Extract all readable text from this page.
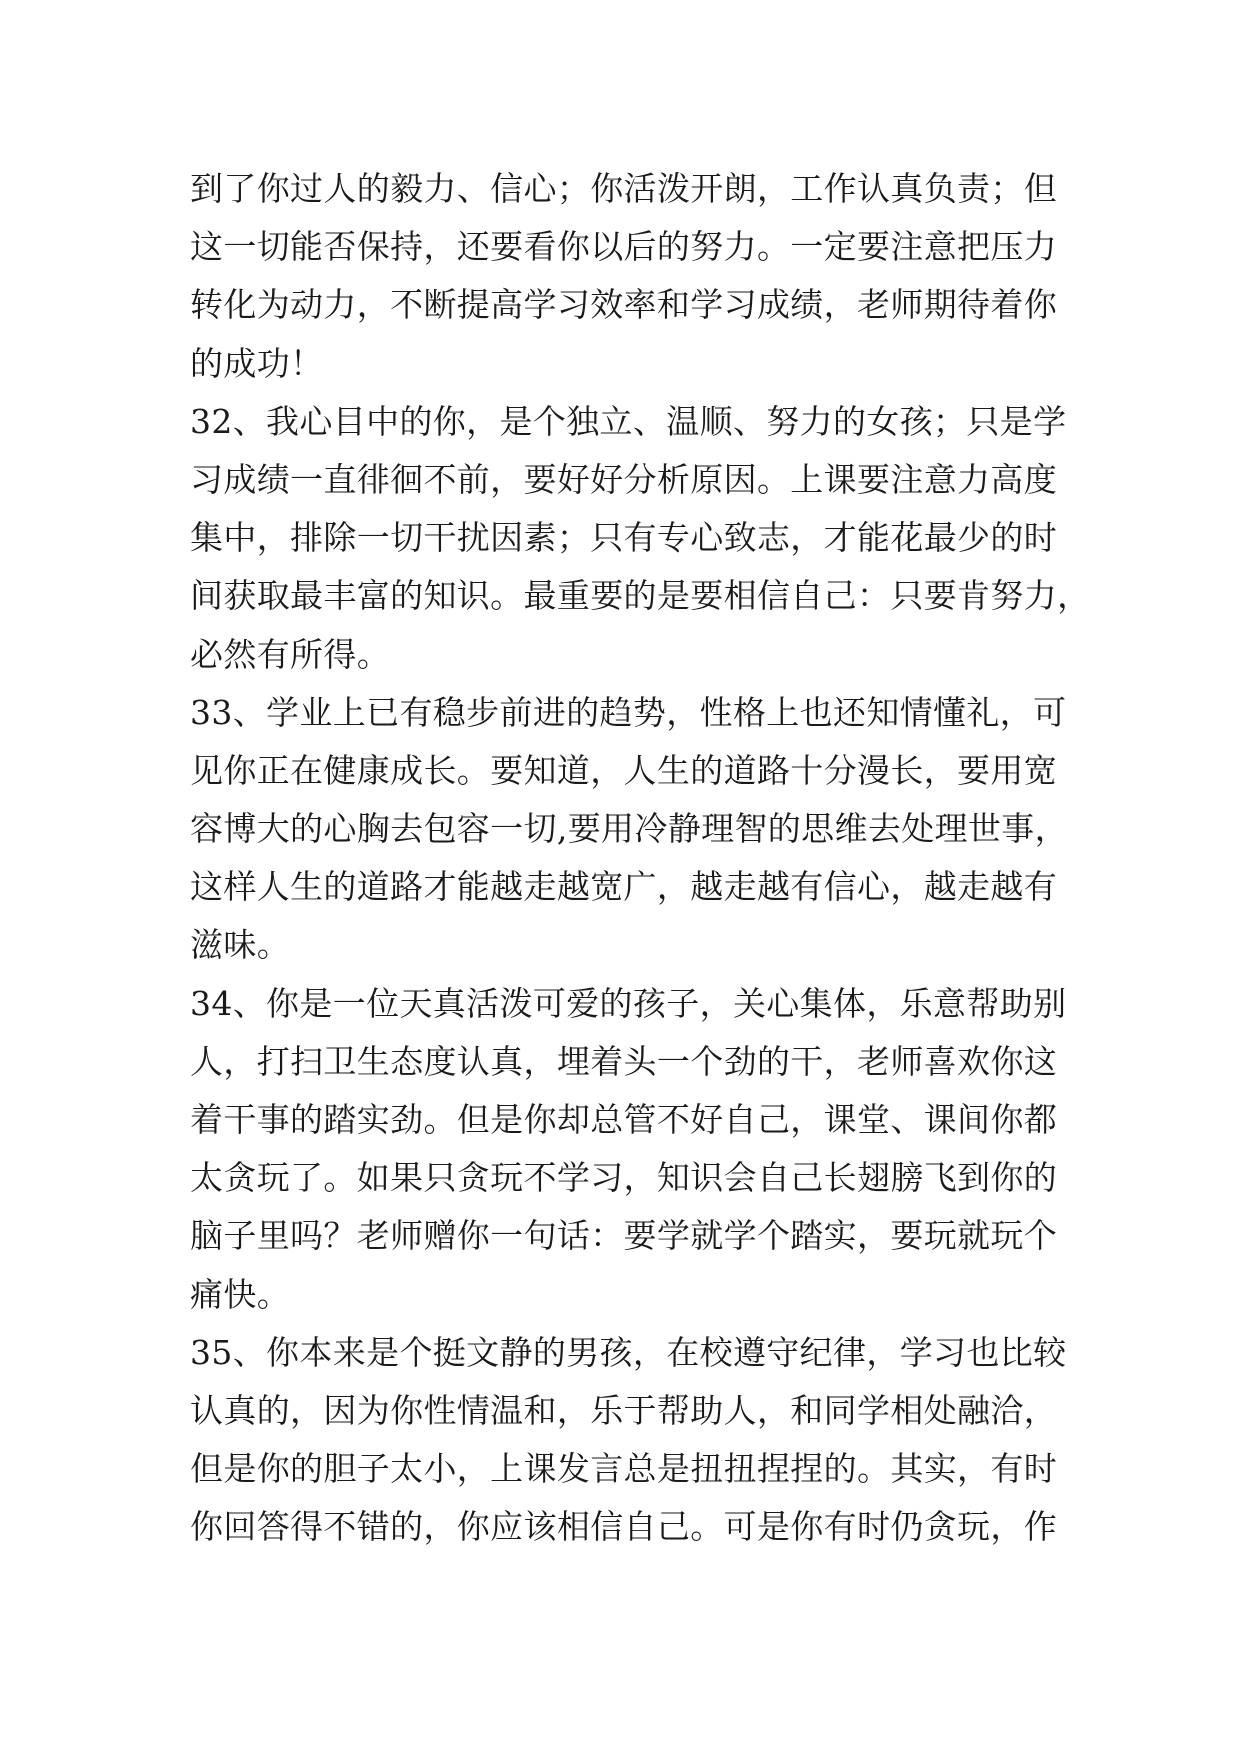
到了你过人的毅力、信心；你活泼开朗，工作认真负责；但
这一切能否保持，还要看你以后的努力。一定要注意把压力
转化为动力，不断提高学习效率和学习成绩，老师期待着你
的成功！
32、我心目中的你，是个独立、温顺、努力的女孩；只是学
习成绩一直徘徊不前，要好好分析原因。上课要注意力高度
集中，排除一切干扰因素；只有专心致志，才能花最少的时
间获取最丰富的知识。最重要的是要相信自己：只要肯努力，
必然有所得。
33、学业上已有稳步前进的趋势，性格上也还知情懂礼，可
见你正在健康成长。要知道，人生的道路十分漫长，要用宽
容博大的心胸去包容一切,要用冷静理智的思维去处理世事，
这样人生的道路才能越走越宽广，越走越有信心，越走越有
滋味。
34、你是一位天真活泼可爱的孩子，关心集体，乐意帮助别
人，打扫卫生态度认真，埋着头一个劲的干，老师喜欢你这
着干事的踏实劲。但是你却总管不好自己，课堂、课间你都
太贪玩了。如果只贪玩不学习，知识会自己长翅膀飞到你的
脑子里吗？老师赠你一句话：要学就学个踏实，要玩就玩个
痛快。
35、你本来是个挺文静的男孩，在校遵守纪律，学习也比较
认真的，因为你性情温和，乐于帮助人，和同学相处融洽，
但是你的胆子太小，上课发言总是扭扭捏捏的。其实，有时
你回答得不错的，你应该相信自己。可是你有时仍贪玩，作
